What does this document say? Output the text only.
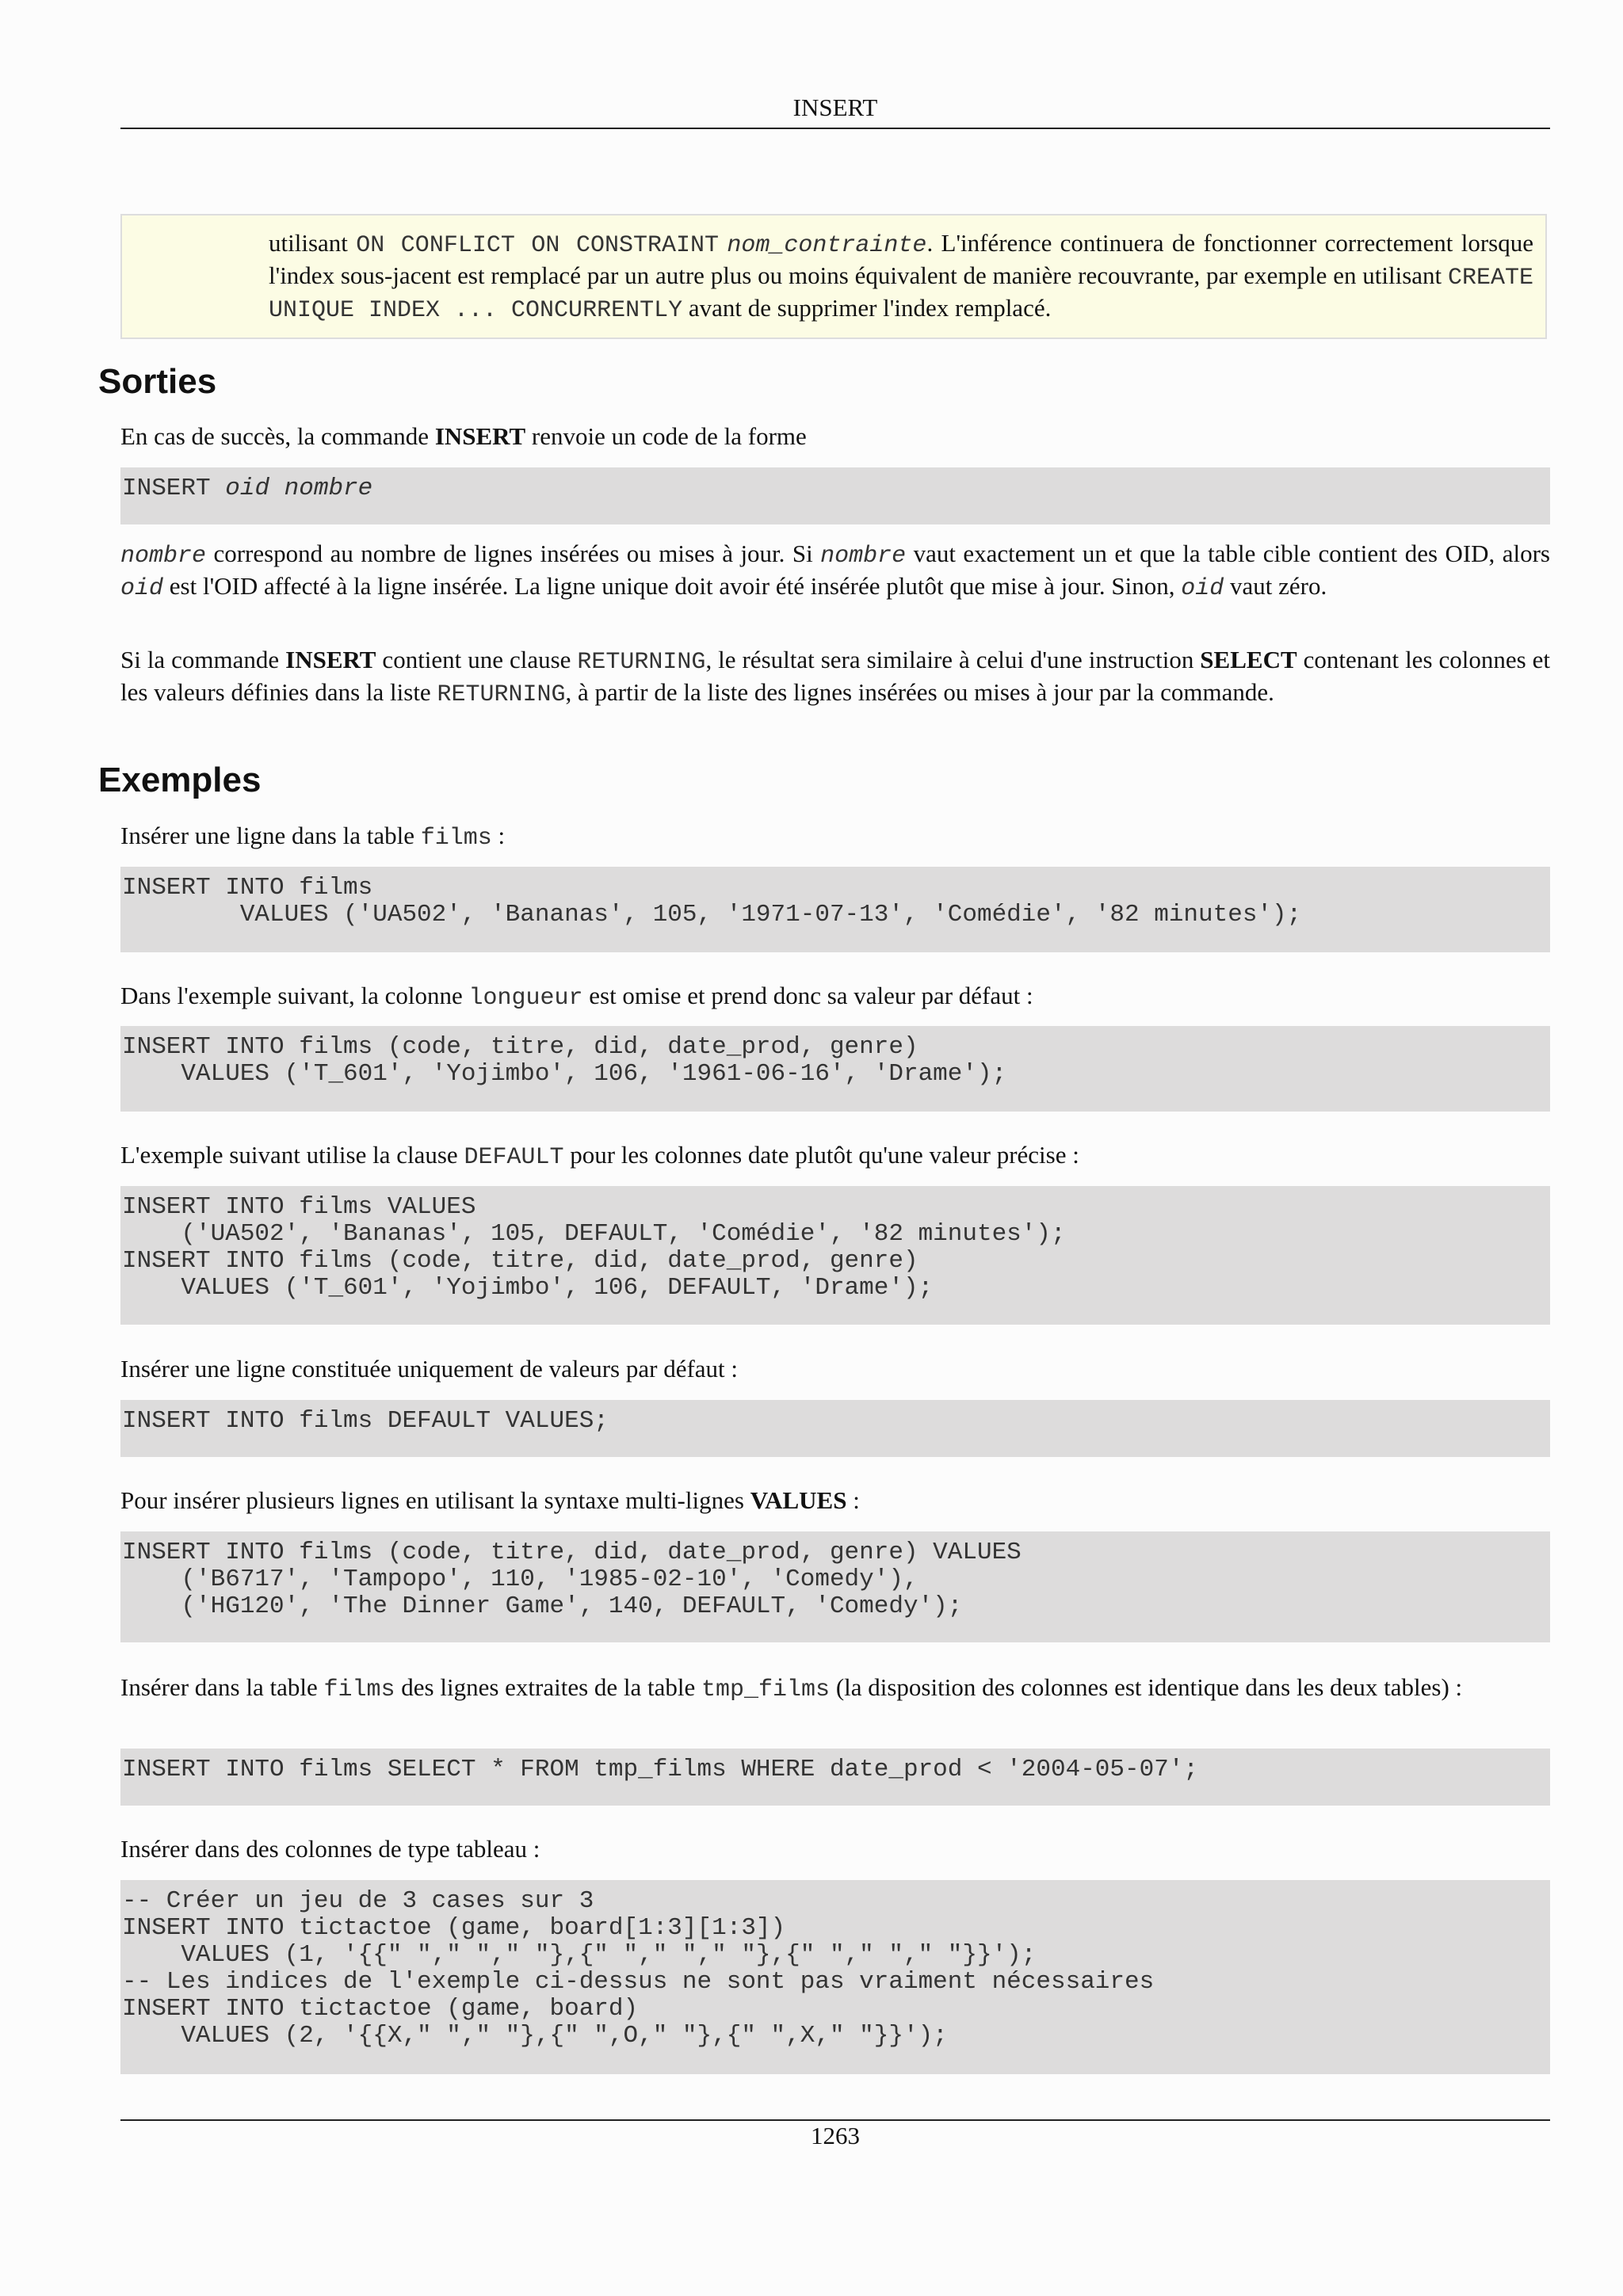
INSERT

utilisant ON CONFLICT ON CONSTRAINT nom_contrainte. L'inférence continuera de fonctionner correctement lorsque l'index sous-jacent est remplacé par un autre plus ou moins équivalent de manière recouvrante, par exemple en utilisant CREATE UNIQUE INDEX ... CONCURRENTLY avant de supprimer l'index remplacé.

Sorties

En cas de succès, la commande INSERT renvoie un code de la forme

INSERT oid nombre

nombre correspond au nombre de lignes insérées ou mises à jour. Si nombre vaut exactement un et que la table cible contient des OID, alors oid est l'OID affecté à la ligne insérée. La ligne unique doit avoir été insérée plutôt que mise à jour. Sinon, oid vaut zéro.

Si la commande INSERT contient une clause RETURNING, le résultat sera similaire à celui d'une instruction SELECT contenant les colonnes et les valeurs définies dans la liste RETURNING, à partir de la liste des lignes insérées ou mises à jour par la commande.

Exemples

Insérer une ligne dans la table films :

INSERT INTO films
VALUES ('UA502', 'Bananas', 105, '1971-07-13', 'Comédie', '82 minutes');

Dans l'exemple suivant, la colonne longueur est omise et prend donc sa valeur par défaut :

INSERT INTO films (code, titre, did, date_prod, genre)
VALUES ('T_601', 'Yojimbo', 106, '1961-06-16', 'Drame');

L'exemple suivant utilise la clause DEFAULT pour les colonnes date plutôt qu'une valeur précise :

INSERT INTO films VALUES
('UA502', 'Bananas', 105, DEFAULT, 'Comédie', '82 minutes');
INSERT INTO films (code, titre, did, date_prod, genre)
VALUES ('T_601', 'Yojimbo', 106, DEFAULT, 'Drame');

Insérer une ligne constituée uniquement de valeurs par défaut :

INSERT INTO films DEFAULT VALUES;

Pour insérer plusieurs lignes en utilisant la syntaxe multi-lignes VALUES :

INSERT INTO films (code, titre, did, date_prod, genre) VALUES
('B6717', 'Tampopo', 110, '1985-02-10', 'Comedy'),
('HG120', 'The Dinner Game', 140, DEFAULT, 'Comedy');

Insérer dans la table films des lignes extraites de la table tmp_films (la disposition des colonnes est identique dans les deux tables) :

INSERT INTO films SELECT * FROM tmp_films WHERE date_prod < '2004-05-07';

Insérer dans des colonnes de type tableau :

-- Créer un jeu de 3 cases sur 3
INSERT INTO tictactoe (game, board[1:3][1:3])
VALUES (1, '{{" "," "," "},{" "," "," "},{" "," "," "}}');
-- Les indices de l'exemple ci-dessus ne sont pas vraiment nécessaires
INSERT INTO tictactoe (game, board)
VALUES (2, '{{X," "," "},{" ",O," "},{" ",X," "}}');
1263
